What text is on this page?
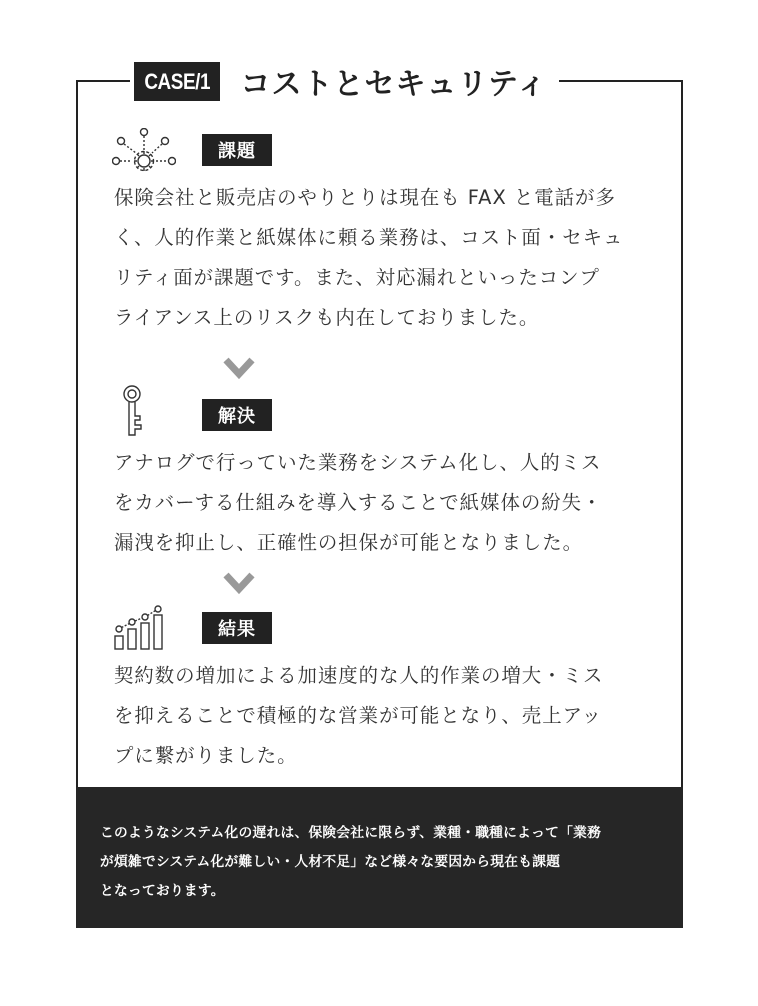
CASE/1	コストとセキュリティ
課題
保険会社と販売店のやりとりは現在も FAX と電話が多
く、人的作業と紙媒体に頼る業務は、コスト面・セキュ
リティ面が課題です。また、対応漏れといったコンプ
ライアンス上のリスクも内在しておりました。
解決
アナログで行っていた業務をシステム化し、人的ミス
をカバーする仕組みを導入することで紙媒体の紛失・
漏洩を抑止し、正確性の担保が可能となりました。
結果
契約数の増加による加速度的な人的作業の増大・ミス
を抑えることで積極的な営業が可能となり、売上アッ
プに繋がりました。
このようなシステム化の遅れは、保険会社に限らず、業種・職種によって「業務
が煩雑でシステム化が難しい・人材不足」など様々な要因から現在も課題
となっております。
